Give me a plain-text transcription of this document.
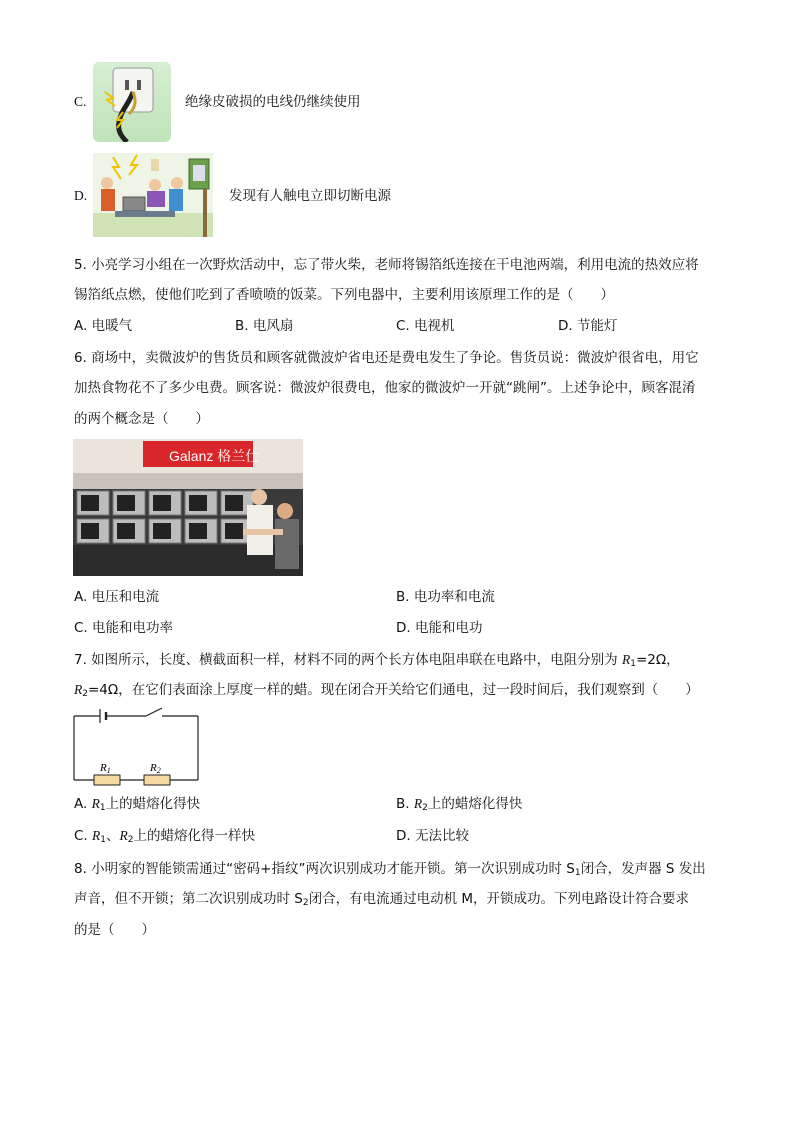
C.	绝缘皮破损的电线仍继续使用
D.	发现有人触电立即切断电源
5. 小亮学习小组在一次野炊活动中，忘了带火柴，老师将锡箔纸连接在干电池两端，利用电流的热效应将
锡箔纸点燃，使他们吃到了香喷喷的饭菜。下列电器中，主要利用该原理工作的是（　　）
A. 电暖气	B. 电风扇	C. 电视机	D. 节能灯
6. 商场中，卖微波炉的售货员和顾客就微波炉省电还是费电发生了争论。售货员说：微波炉很省电，用它
加热食物花不了多少电费。顾客说：微波炉很费电，他家的微波炉一开就“跳闸”。上述争论中，顾客混淆
的两个概念是（　　）
Galanz 格兰仕
A. 电压和电流	B. 电功率和电流
C. 电能和电功率	D. 电能和电功
7. 如图所示，长度、横截面积一样，材料不同的两个长方体电阻串联在电路中，电阻分别为 $R_1=2\Omega$，
$R_2=4\Omega$，在它们表面涂上厚度一样的蜡。现在闭合开关给它们通电，过一段时间后，我们观察到（　　）
R1	R2
A. $R_1$上的蜡熔化得快	B. $R_2$上的蜡熔化得快
C. $R_1$、$R_2$上的蜡熔化得一样快	D. 无法比较
8. 小明家的智能锁需通过“密码+指纹”两次识别成功才能开锁。第一次识别成功时 $S_1$闭合，发声器 S 发出
声音，但不开锁；第二次识别成功时 $S_2$闭合，有电流通过电动机 M，开锁成功。下列电路设计符合要求
的是（　　）
